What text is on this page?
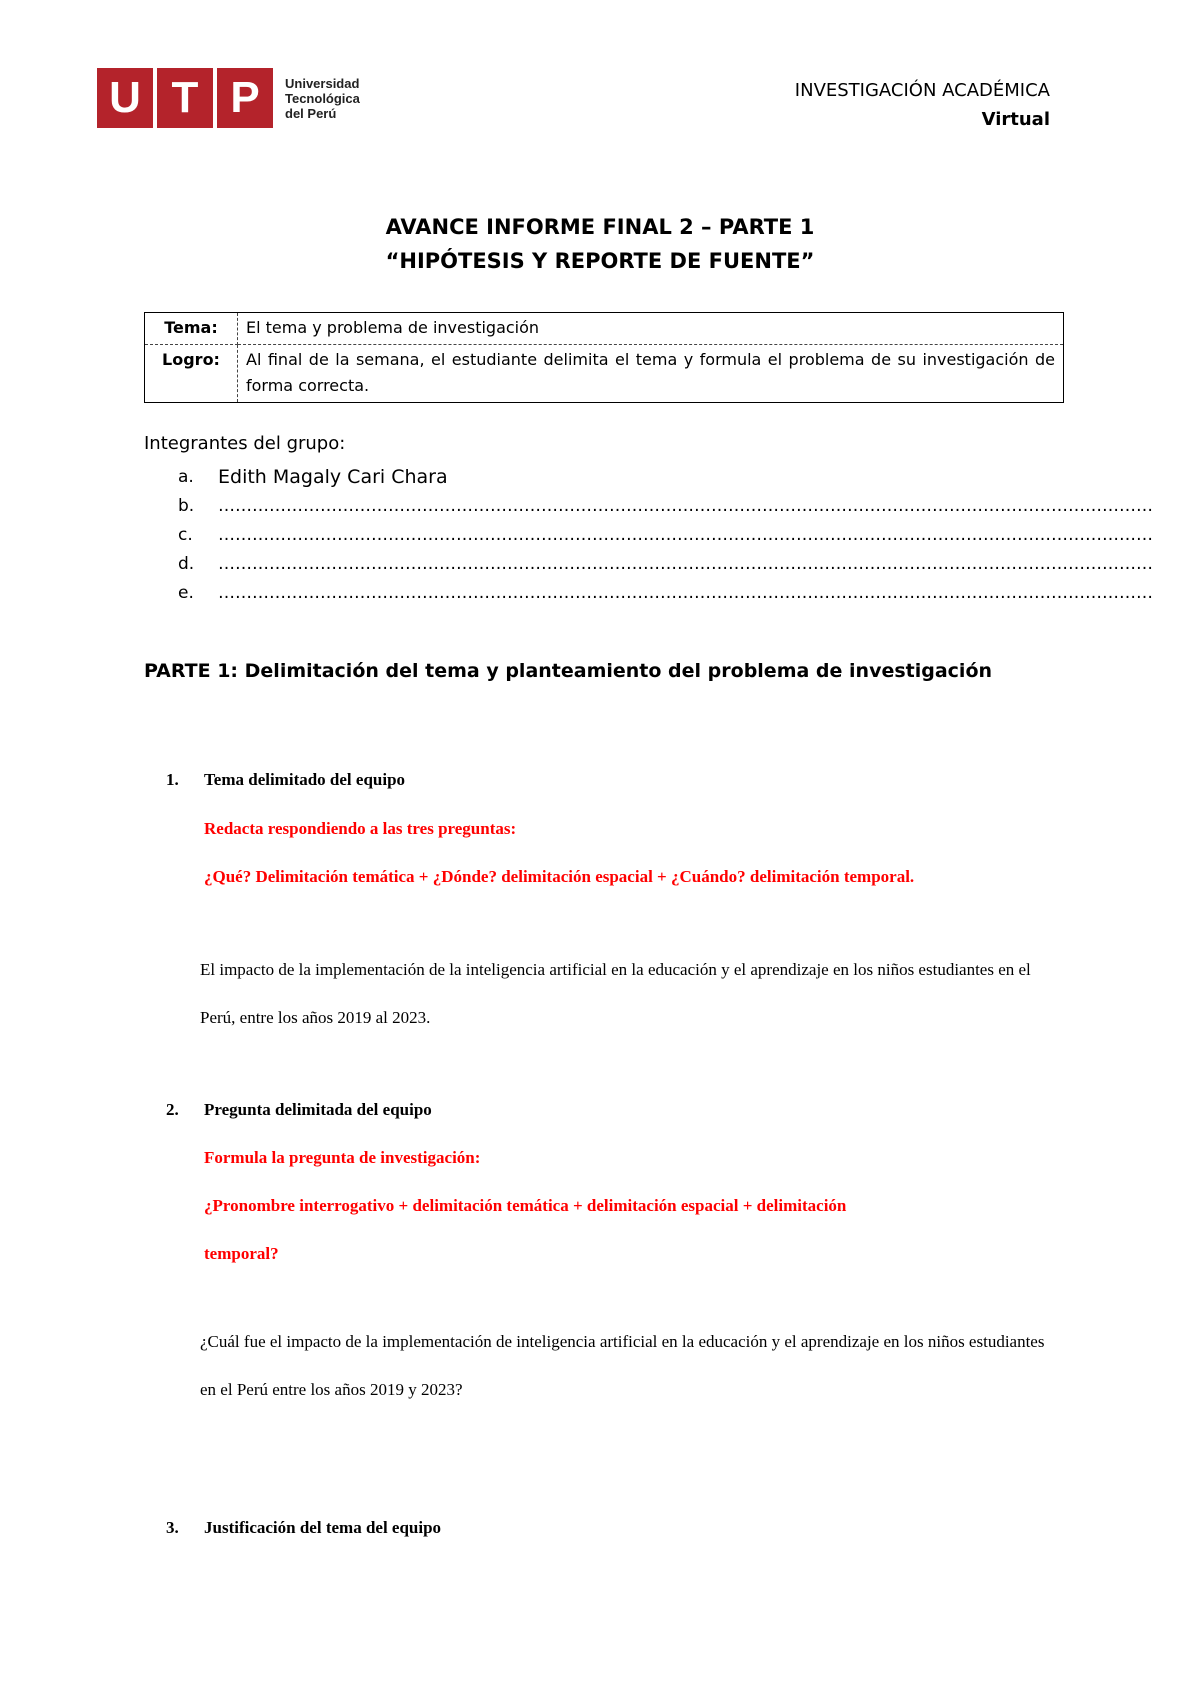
U T P	Universidad
Tecnológica
del Perú
INVESTIGACIÓN ACADÉMICA
Virtual
AVANCE INFORME FINAL 2 – PARTE 1
“HIPÓTESIS Y REPORTE DE FUENTE”
Tema:	El tema y problema de investigación
Logro:	Al final de la semana, el estudiante delimita el tema y formula el problema de su investigación de forma correcta.
Integrantes del grupo:
a.	Edith Magaly Cari Chara
b.	…………………………………………………………………………………………………………………………………………………
c.	…………………………………………………………………………………………………………………………………………………
d.	…………………………………………………………………………………………………………………………………………………
e.	…………………………………………………………………………………………………………………………………………………
PARTE 1: Delimitación del tema y planteamiento del problema de investigación
1. Tema delimitado del equipo
Redacta respondiendo a las tres preguntas:
¿Qué? Delimitación temática + ¿Dónde? delimitación espacial + ¿Cuándo? delimitación temporal.
El impacto de la implementación de la inteligencia artificial en la educación y el aprendizaje en los niños estudiantes en el Perú, entre los años 2019 al 2023.
2. Pregunta delimitada del equipo
Formula la pregunta de investigación:
¿Pronombre interrogativo + delimitación temática + delimitación espacial + delimitación
temporal?
¿Cuál fue el impacto de la implementación de inteligencia artificial en la educación y el aprendizaje en los niños estudiantes en el Perú entre los años 2019 y 2023?
3. Justificación del tema del equipo
